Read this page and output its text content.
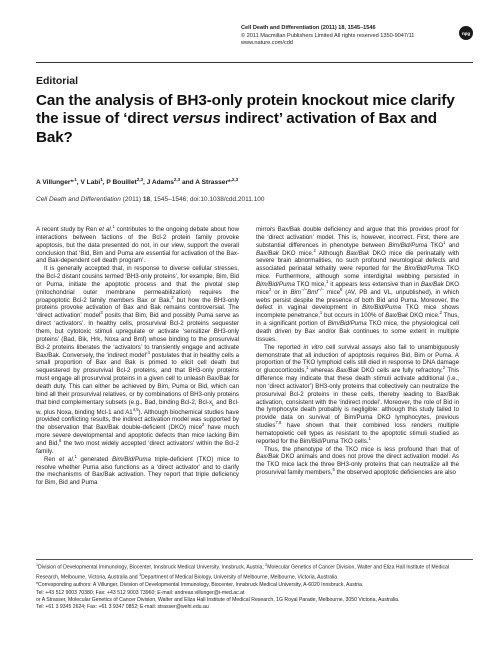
Cell Death and Differentiation (2011) 18, 1545–1546
© 2011 Macmillan Publishers Limited All rights reserved 1350-9047/11
www.nature.com/cdd
npg
Editorial
Can the analysis of BH3-only protein knockout mice clarify the issue of ‘direct versus indirect’ activation of Bax and Bak?
A Villunger*$^{,1}$, V Labi$^1$, P Bouillet$^{2,3}$, J Adams$^{2,3}$ and A Strasser*$^{,2,3}$
Cell Death and Differentiation (2011) 18, 1545–1546; doi:10.1038/cdd.2011.100

A recent study by Ren et al.$^1$ contributes to the ongoing debate about how interactions between factions of the Bcl-2 protein family provoke apoptosis, but the data presented do not, in our view, support the overall conclusion that ‘Bid, Bim and Puma are essential for activation of the Bax- and Bak-dependent cell death program’.

It is generally accepted that, in response to diverse cellular stresses, the Bcl-2 distant cousins termed ‘BH3-only proteins’, for example, Bim, Bid or Puma, initiate the apoptotic process and that the pivotal step (mitochondrial outer membrane permeabilization) requires the proapoptotic Bcl-2 family members Bax or Bak,$^2$ but how the BH3-only proteins provoke activation of Bax and Bak remains controversial. The ‘direct activation’ model$^3$ posits that Bim, Bid and possibly Puma serve as direct ‘activators’. In healthy cells, prosurvival Bcl-2 proteins sequester them, but cytotoxic stimuli upregulate or activate ‘sensitizer BH3-only proteins’ (Bad, Bik, Hrk, Noxa and Bmf) whose binding to the prosurvival Bcl-2 proteins liberates the ‘activators’ to transiently engage and activate Bax/Bak. Conversely, the ‘indirect model’$^4$ postulates that in healthy cells a small proportion of Bax and Bak is primed to elicit cell death but sequestered by prosurvival Bcl-2 proteins, and that BH3-only proteins must engage all prosurvival proteins in a given cell to unleash Bax/Bak for death duty. This can either be achieved by Bim, Puma or Bid, which can bind all their prosurvival relatives, or by combinations of BH3-only proteins that bind complementary subsets (e.g., Bad, binding Bcl-2, Bcl-$x_L$ and Bcl-w, plus Noxa, binding Mcl-1 and A1$^{4,5}$). Although biochemical studies have provided conflicting results, the indirect activation model was supported by the observation that Bax/Bak double-deficient (DKO) mice$^2$ have much more severe developmental and apoptotic defects than mice lacking Bim and Bid,$^6$ the two most widely accepted ‘direct activators’ within the Bcl-2 family.

Ren et al.$^1$ generated Bim/Bid/Puma triple-deficient (TKO) mice to resolve whether Puma also functions as a ‘direct activator’ and to clarify the mechanisms of Bax/Bak activation. They report that triple deficiency for Bim, Bid and Puma

mirrors Bax/Bak double deficiency and argue that this provides proof for the ‘direct activation’ model. This is, however, incorrect. First, there are substantial differences in phenotype between Bim/Bid/Puma TKO$^1$ and Bax/Bak DKO mice.$^2$ Although Bax/Bak DKO mice die perinatally with severe brain abnormalities, no such profound neurological defects and associated perinatal lethality were reported for the Bim/Bid/Puma TKO mice. Furthermore, although some interdigital webbing persisted in Bim/Bid/Puma TKO mice,$^1$ it appears less extensive than in Bax/Bak DKO mice$^2$ or in Bim−/−Bmf−/− mice$^6$ (AV, PB and VL, unpublished), in which webs persist despite the presence of both Bid and Puma. Moreover, the defect in vaginal development in Bim/Bid/Puma TKO mice shows incomplete penetrance,$^1$ but occurs in 100% of Bax/Bak DKO mice.$^2$ Thus, in a significant portion of Bim/Bid/Puma TKO mice, the physiological cell death driven by Bax and/or Bak continues to some extent in multiple tissues.

The reported in vitro cell survival assays also fail to unambiguously demonstrate that all induction of apoptosis requires Bid, Bim or Puma. A proportion of the TKO lymphoid cells still died in response to DNA damage or glucocorticoids,$^1$ whereas Bax/Bak DKO cells are fully refractory.$^2$ This difference may indicate that these death stimuli activate additional (i.e., non ‘direct activator’) BH3-only proteins that collectively can neutralize the prosurvival Bcl-2 proteins in these cells, thereby leading to Bax/Bak activation, consistent with the ‘indirect model’. Moreover, the role of Bid in the lymphocyte death probably is negligible: although this study failed to provide data on survival of Bim/Puma DKO lymphocytes, previous studies$^{7,8}$ have shown that their combined loss renders multiple hematopoietic cell types as resistant to the apoptotic stimuli studied as reported for the Bim/Bid/Puma TKO cells.$^1$

Thus, the phenotype of the TKO mice is less profound than that of Bax/Bak DKO animals and does not prove the direct activation model. As the TKO mice lack the three BH3-only proteins that can neutralize all the prosurvival family members,$^5$ the observed apoptotic deficiencies are also

$^1$Division of Developmental Immunology, Biocenter, Innsbruck Medical University. Innsbruck, Austria; $^2$Molecular Genetics of Cancer Division, Walter and Eliza Hall Institute of Medical Research, Melbourne, Victoria, Australia and $^3$Department of Medical Biology, University of Melbourne, Melbourne, Victoria, Australia

*Corresponding authors: A Villunger, Division of Developmental Immunology, Biocenter, Innsbruck Medical University, A-6020 Innsbruck, Austria.

Tel: +43 512 9003 70380; Fax: +43 512 9003 73960; E-mail: andreas.villunger@i-med.ac.at

or A Strasser, Molecular Genetics of Cancer Division, Walter and Eliza Hall Institute of Medical Research, 1G Royal Parade, Melbourne, 3050 Victoria, Australia.

Tel: +61 3 9345 2624; Fax: +61 3 9347 0852; E-mail: strasser@wehi.edu.au
